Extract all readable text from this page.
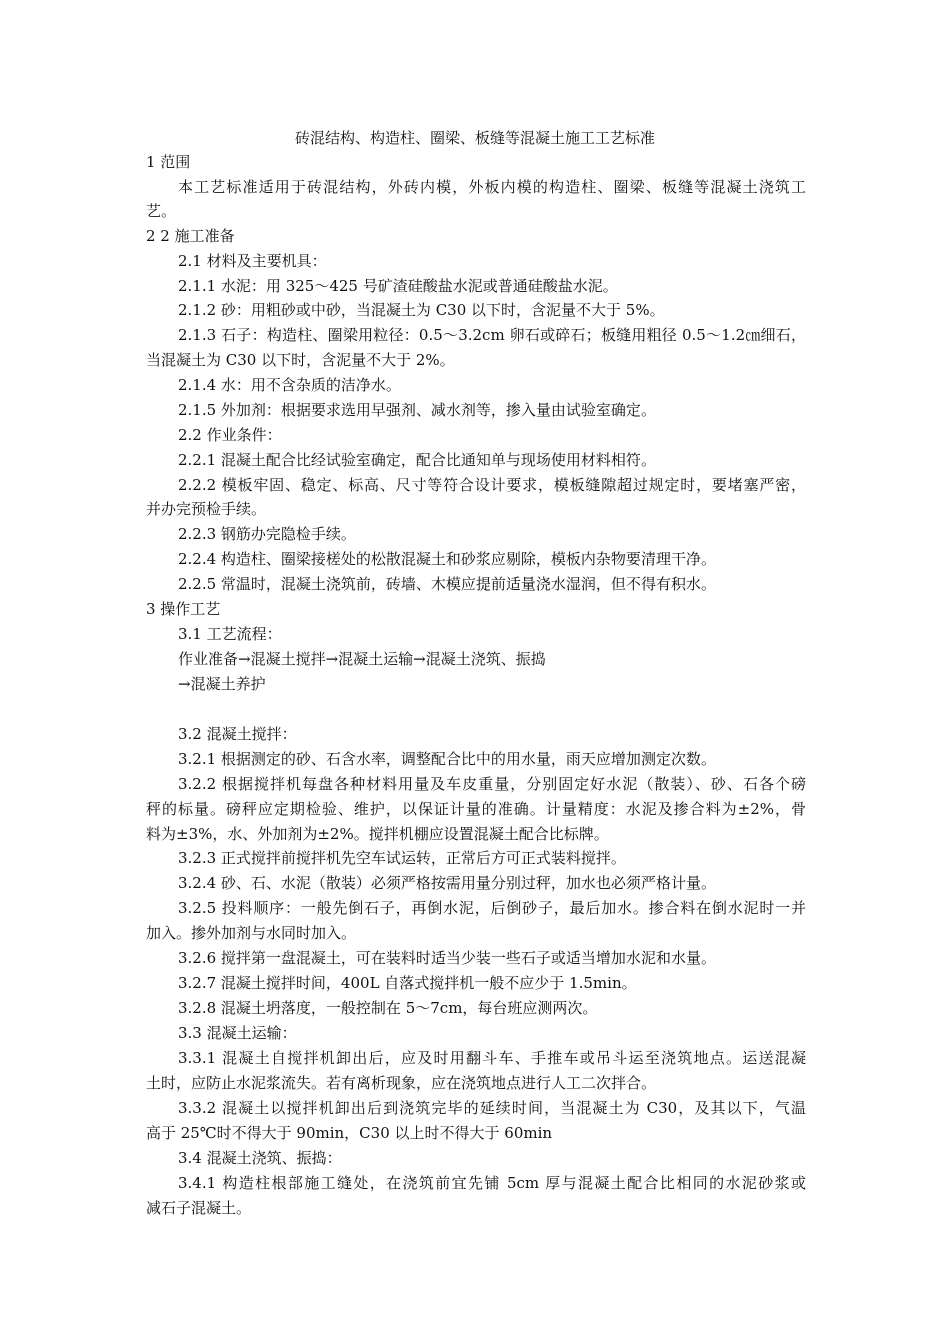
砖混结构、构造柱、圈梁、板缝等混凝土施工工艺标准
1 范围
本工艺标准适用于砖混结构，外砖内模，外板内模的构造柱、圈梁、板缝等混凝土浇筑工
艺。
2 2 施工准备
2.1 材料及主要机具：
2.1.1 水泥：用 325～425 号矿渣硅酸盐水泥或普通硅酸盐水泥。
2.1.2 砂：用粗砂或中砂，当混凝土为 C30 以下时，含泥量不大于 5%。
2.1.3 石子：构造柱、圈梁用粒径：0.5～3.2cm 卵石或碎石；板缝用粗径 0.5～1.2㎝细石，
当混凝土为 C30 以下时，含泥量不大于 2%。
2.1.4 水：用不含杂质的洁净水。
2.1.5 外加剂：根据要求选用早强剂、减水剂等，掺入量由试验室确定。
2.2 作业条件：
2.2.1 混凝土配合比经试验室确定，配合比通知单与现场使用材料相符。
2.2.2 模板牢固、稳定、标高、尺寸等符合设计要求，模板缝隙超过规定时，要堵塞严密，
并办完预检手续。
2.2.3 钢筋办完隐检手续。
2.2.4 构造柱、圈梁接槎处的松散混凝土和砂浆应剔除，模板内杂物要清理干净。
2.2.5 常温时，混凝土浇筑前，砖墙、木模应提前适量浇水湿润，但不得有积水。
3 操作工艺
3.1 工艺流程：
作业准备→混凝土搅拌→混凝土运输→混凝土浇筑、振捣
→混凝土养护
3.2 混凝土搅拌：
3.2.1 根据测定的砂、石含水率，调整配合比中的用水量，雨天应增加测定次数。
3.2.2 根据搅拌机每盘各种材料用量及车皮重量，分别固定好水泥（散装）、砂、石各个磅
秤的标量。磅秤应定期检验、维护，以保证计量的准确。计量精度：水泥及掺合料为±2%，骨
料为±3%，水、外加剂为±2%。搅拌机棚应设置混凝土配合比标牌。
3.2.3 正式搅拌前搅拌机先空车试运转，正常后方可正式装料搅拌。
3.2.4 砂、石、水泥（散装）必须严格按需用量分别过秤，加水也必须严格计量。
3.2.5 投料顺序：一般先倒石子，再倒水泥，后倒砂子，最后加水。掺合料在倒水泥时一并
加入。掺外加剂与水同时加入。
3.2.6 搅拌第一盘混凝土，可在装料时适当少装一些石子或适当增加水泥和水量。
3.2.7 混凝土搅拌时间，400L 自落式搅拌机一般不应少于 1.5min。
3.2.8 混凝土坍落度，一般控制在 5～7cm，每台班应测两次。
3.3 混凝土运输：
3.3.1 混凝土自搅拌机卸出后，应及时用翻斗车、手推车或吊斗运至浇筑地点。运送混凝
土时，应防止水泥浆流失。若有离析现象，应在浇筑地点进行人工二次拌合。
3.3.2 混凝土以搅拌机卸出后到浇筑完毕的延续时间，当混凝土为 C30，及其以下，气温
高于 25℃时不得大于 90min，C30 以上时不得大于 60min
3.4 混凝土浇筑、振捣：
3.4.1 构造柱根部施工缝处，在浇筑前宜先铺 5cm 厚与混凝土配合比相同的水泥砂浆或
减石子混凝土。
